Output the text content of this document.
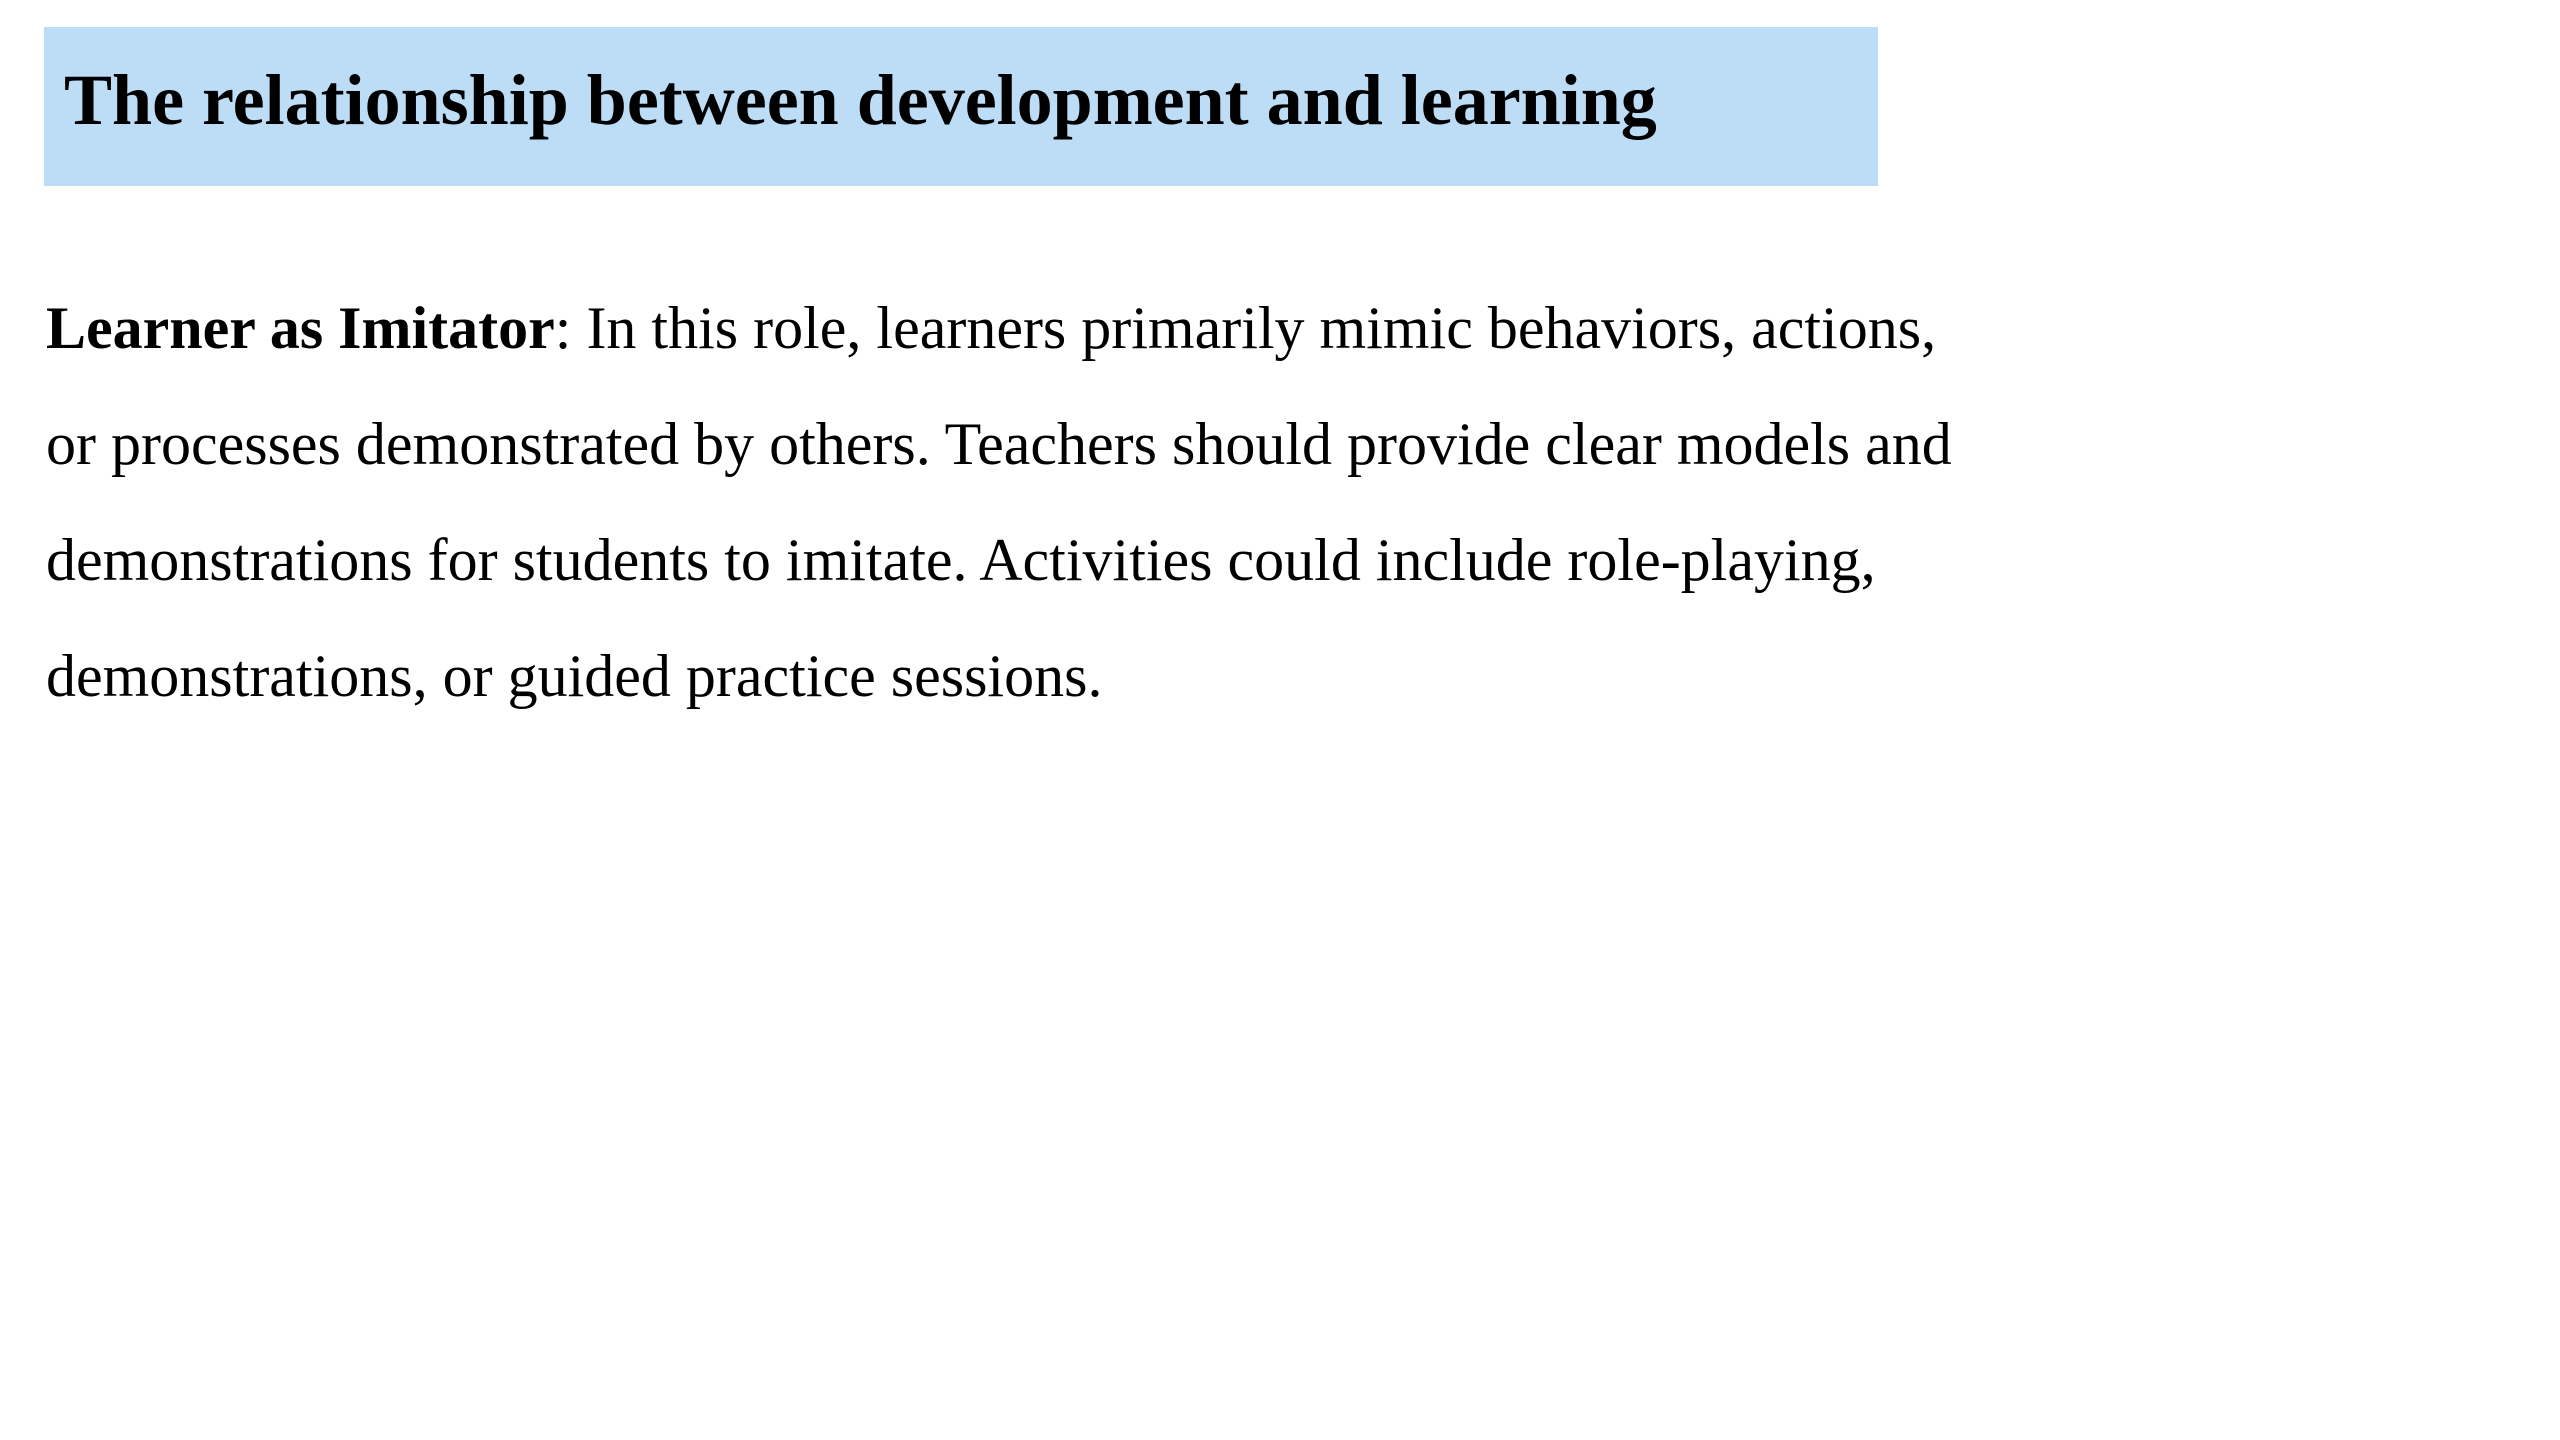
The relationship between development and learning

Learner as Imitator: In this role, learners primarily mimic behaviors, actions, or processes demonstrated by others. Teachers should provide clear models and demonstrations for students to imitate. Activities could include role-playing, demonstrations, or guided practice sessions.
